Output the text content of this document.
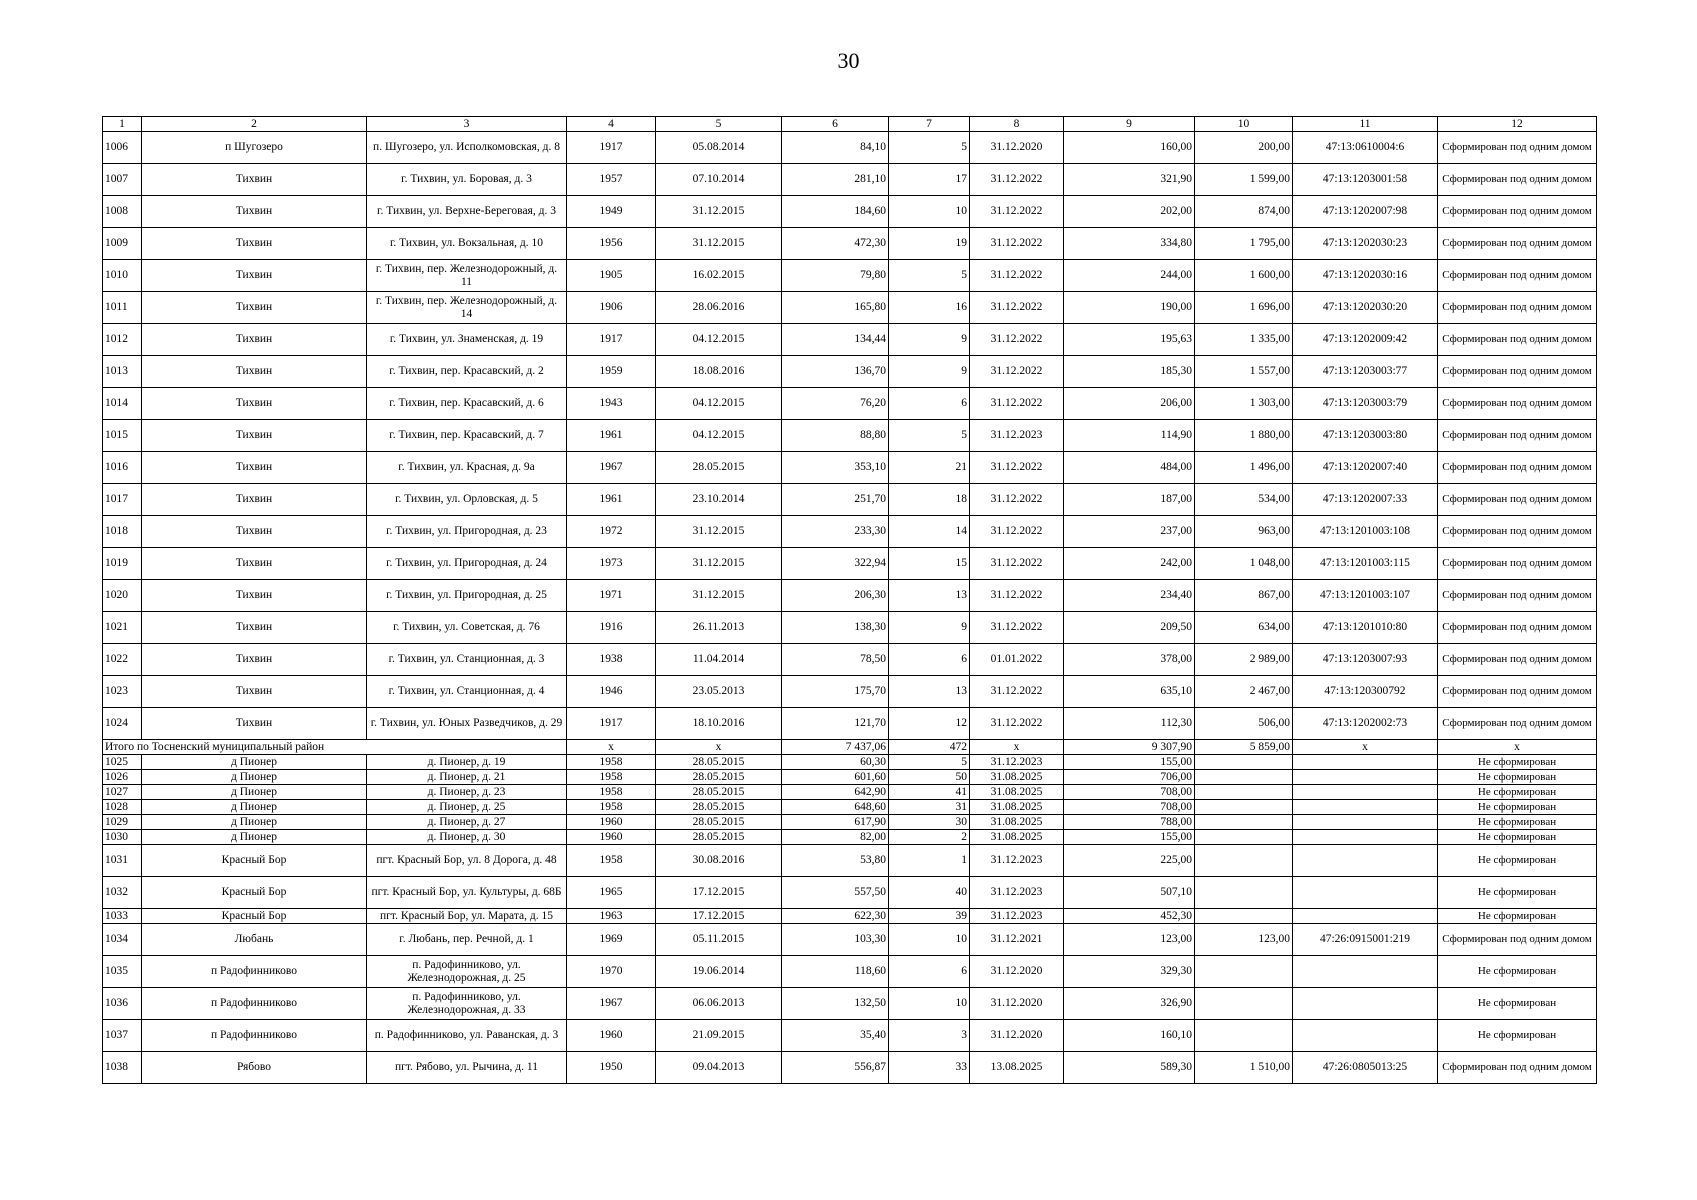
30
1	2	3	4	5	6	7	8	9	10	11	12
1006	п Шугозеро	п. Шугозеро, ул. Исполкомовская, д. 8	1917	05.08.2014	84,10	5	31.12.2020	160,00	200,00	47:13:0610004:6	Сформирован под одним домом
1007	Тихвин	г. Тихвин, ул. Боровая, д. 3	1957	07.10.2014	281,10	17	31.12.2022	321,90	1 599,00	47:13:1203001:58	Сформирован под одним домом
1008	Тихвин	г. Тихвин, ул. Верхне-Береговая, д. 3	1949	31.12.2015	184,60	10	31.12.2022	202,00	874,00	47:13:1202007:98	Сформирован под одним домом
1009	Тихвин	г. Тихвин, ул. Вокзальная, д. 10	1956	31.12.2015	472,30	19	31.12.2022	334,80	1 795,00	47:13:1202030:23	Сформирован под одним домом
1010	Тихвин	г. Тихвин, пер. Железнодорожный, д. 11	1905	16.02.2015	79,80	5	31.12.2022	244,00	1 600,00	47:13:1202030:16	Сформирован под одним домом
1011	Тихвин	г. Тихвин, пер. Железнодорожный, д. 14	1906	28.06.2016	165,80	16	31.12.2022	190,00	1 696,00	47:13:1202030:20	Сформирован под одним домом
1012	Тихвин	г. Тихвин, ул. Знаменская, д. 19	1917	04.12.2015	134,44	9	31.12.2022	195,63	1 335,00	47:13:1202009:42	Сформирован под одним домом
1013	Тихвин	г. Тихвин, пер. Красавский, д. 2	1959	18.08.2016	136,70	9	31.12.2022	185,30	1 557,00	47:13:1203003:77	Сформирован под одним домом
1014	Тихвин	г. Тихвин, пер. Красавский, д. 6	1943	04.12.2015	76,20	6	31.12.2022	206,00	1 303,00	47:13:1203003:79	Сформирован под одним домом
1015	Тихвин	г. Тихвин, пер. Красавский, д. 7	1961	04.12.2015	88,80	5	31.12.2023	114,90	1 880,00	47:13:1203003:80	Сформирован под одним домом
1016	Тихвин	г. Тихвин, ул. Красная, д. 9а	1967	28.05.2015	353,10	21	31.12.2022	484,00	1 496,00	47:13:1202007:40	Сформирован под одним домом
1017	Тихвин	г. Тихвин, ул. Орловская, д. 5	1961	23.10.2014	251,70	18	31.12.2022	187,00	534,00	47:13:1202007:33	Сформирован под одним домом
1018	Тихвин	г. Тихвин, ул. Пригородная, д. 23	1972	31.12.2015	233,30	14	31.12.2022	237,00	963,00	47:13:1201003:108	Сформирован под одним домом
1019	Тихвин	г. Тихвин, ул. Пригородная, д. 24	1973	31.12.2015	322,94	15	31.12.2022	242,00	1 048,00	47:13:1201003:115	Сформирован под одним домом
1020	Тихвин	г. Тихвин, ул. Пригородная, д. 25	1971	31.12.2015	206,30	13	31.12.2022	234,40	867,00	47:13:1201003:107	Сформирован под одним домом
1021	Тихвин	г. Тихвин, ул. Советская, д. 76	1916	26.11.2013	138,30	9	31.12.2022	209,50	634,00	47:13:1201010:80	Сформирован под одним домом
1022	Тихвин	г. Тихвин, ул. Станционная, д. 3	1938	11.04.2014	78,50	6	01.01.2022	378,00	2 989,00	47:13:1203007:93	Сформирован под одним домом
1023	Тихвин	г. Тихвин, ул. Станционная, д. 4	1946	23.05.2013	175,70	13	31.12.2022	635,10	2 467,00	47:13:120300792	Сформирован под одним домом
1024	Тихвин	г. Тихвин, ул. Юных Разведчиков, д. 29	1917	18.10.2016	121,70	12	31.12.2022	112,30	506,00	47:13:1202002:73	Сформирован под одним домом
Итого по Тосненский муниципальный район			х	х	7 437,06	472	х	9 307,90	5 859,00	х	х
1025	д Пионер	д. Пионер, д. 19	1958	28.05.2015	60,30	5	31.12.2023	155,00			Не сформирован
1026	д Пионер	д. Пионер, д. 21	1958	28.05.2015	601,60	50	31.08.2025	706,00			Не сформирован
1027	д Пионер	д. Пионер, д. 23	1958	28.05.2015	642,90	41	31.08.2025	708,00			Не сформирован
1028	д Пионер	д. Пионер, д. 25	1958	28.05.2015	648,60	31	31.08.2025	708,00			Не сформирован
1029	д Пионер	д. Пионер, д. 27	1960	28.05.2015	617,90	30	31.08.2025	788,00			Не сформирован
1030	д Пионер	д. Пионер, д. 30	1960	28.05.2015	82,00	2	31.08.2025	155,00			Не сформирован
1031	Красный Бор	пгт. Красный Бор, ул. 8 Дорога, д. 48	1958	30.08.2016	53,80	1	31.12.2023	225,00			Не сформирован
1032	Красный Бор	пгт. Красный Бор, ул. Культуры, д. 68Б	1965	17.12.2015	557,50	40	31.12.2023	507,10			Не сформирован
1033	Красный Бор	пгт. Красный Бор, ул. Марата, д. 15	1963	17.12.2015	622,30	39	31.12.2023	452,30			Не сформирован
1034	Любань	г. Любань, пер. Речной, д. 1	1969	05.11.2015	103,30	10	31.12.2021	123,00	123,00	47:26:0915001:219	Сформирован под одним домом
1035	п Радофинниково	п. Радофинниково, ул. Железнодорожная, д. 25	1970	19.06.2014	118,60	6	31.12.2020	329,30			Не сформирован
1036	п Радофинниково	п. Радофинниково, ул. Железнодорожная, д. 33	1967	06.06.2013	132,50	10	31.12.2020	326,90			Не сформирован
1037	п Радофинниково	п. Радофинниково, ул. Раванская, д. 3	1960	21.09.2015	35,40	3	31.12.2020	160,10			Не сформирован
1038	Рябово	пгт. Рябово, ул. Рычина, д. 11	1950	09.04.2013	556,87	33	13.08.2025	589,30	1 510,00	47:26:0805013:25	Сформирован под одним домом
